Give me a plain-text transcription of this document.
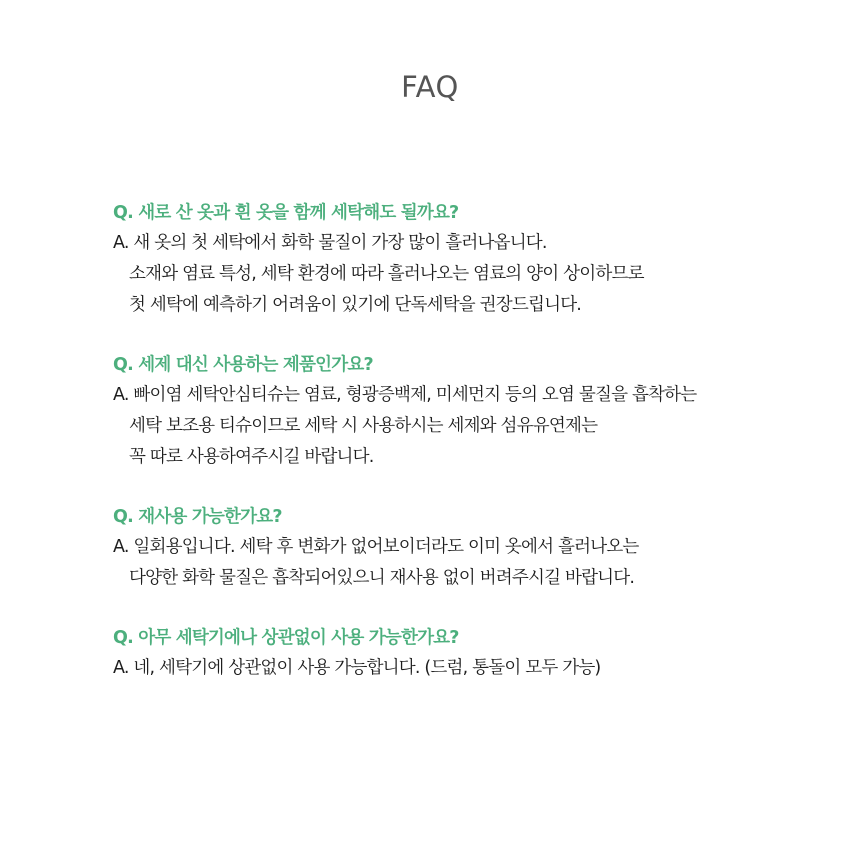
FAQ
Q. 새로 산 옷과 흰 옷을 함께 세탁해도 될까요?
A. 새 옷의 첫 세탁에서 화학 물질이 가장 많이 흘러나옵니다.
소재와 염료 특성, 세탁 환경에 따라 흘러나오는 염료의 양이 상이하므로
첫 세탁에 예측하기 어려움이 있기에 단독세탁을 권장드립니다.
Q. 세제 대신 사용하는 제품인가요?
A. 빠이염 세탁안심티슈는 염료, 형광증백제, 미세먼지 등의 오염 물질을 흡착하는
세탁 보조용 티슈이므로 세탁 시 사용하시는 세제와 섬유유연제는
꼭 따로 사용하여주시길 바랍니다.
Q. 재사용 가능한가요?
A. 일회용입니다. 세탁 후 변화가 없어보이더라도 이미 옷에서 흘러나오는
다양한 화학 물질은 흡착되어있으니 재사용 없이 버려주시길 바랍니다.
Q. 아무 세탁기에나 상관없이 사용 가능한가요?
A. 네, 세탁기에 상관없이 사용 가능합니다. (드럼, 통돌이 모두 가능)
